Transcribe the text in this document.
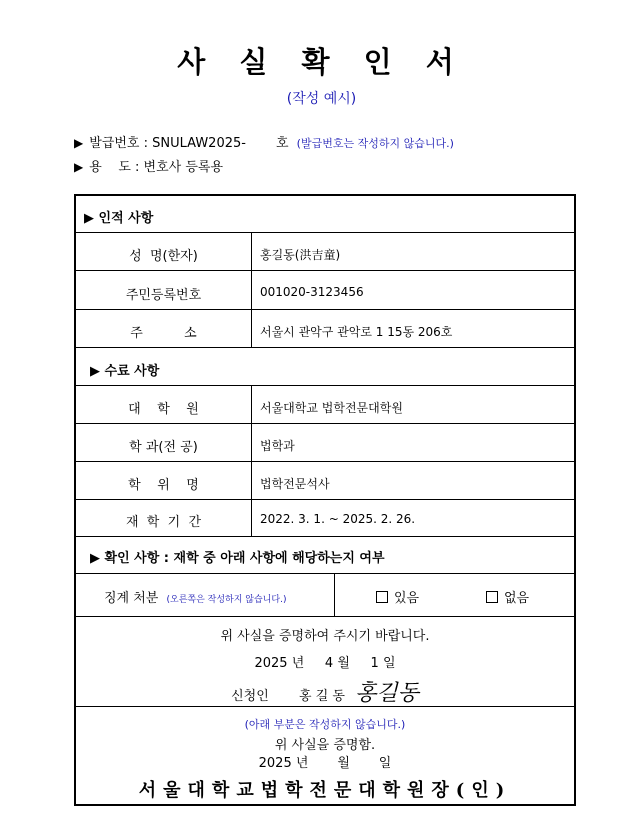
사 실 확 인 서
(작성 예시)
▶ 발급번호 : SNULAW2025- 호 (발급번호는 작성하지 않습니다.)
▶ 용    도 : 변호사 등록용
▶ 인적 사항
성  명(한자)	홍길동(洪吉童)
주민등록번호	001020-3123456
주          소	서울시 관악구 관악로 1 15동 206호
▶ 수료 사항
대    학    원	서울대학교 법학전문대학원
학 과(전 공)	법학과
학    위    명	법학전문석사
재  학  기  간	2022. 3. 1. ~ 2025. 2. 26.
▶ 확인 사항 : 재학 중 아래 사항에 해당하는지 여부
징계 처분 (오른쪽은 작성하지 않습니다.)	있음	없음
위 사실을 증명하여 주시기 바랍니다.
2025 년     4 월     1 일
신청인 홍 길 동 홍길동
(아래 부분은 작성하지 않습니다.)
위 사실을 증명함.
2025 년       월       일
서울대학교법학전문대학원장(인)
